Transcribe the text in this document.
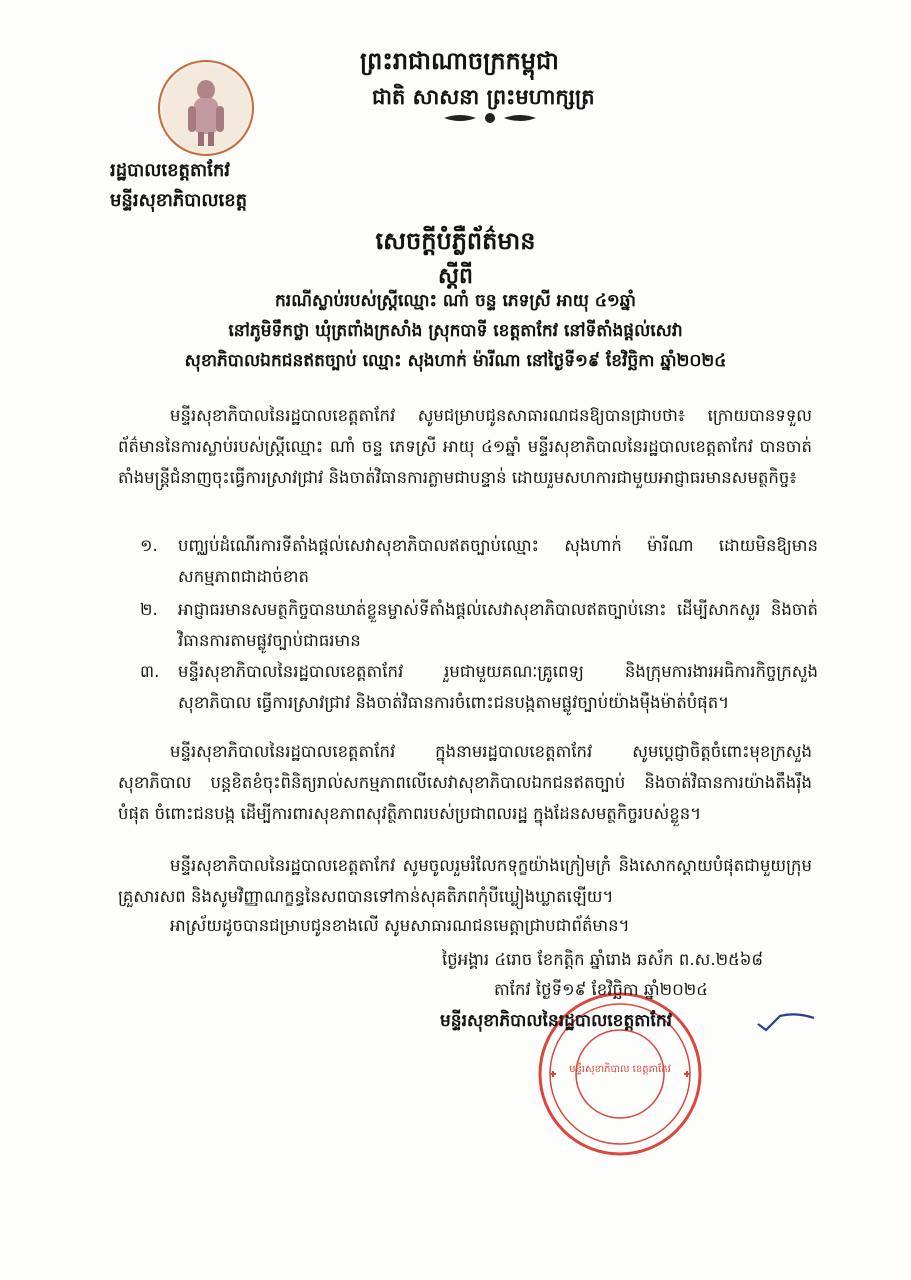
ព្រះរាជាណាចក្រកម្ពុជា
ជាតិ សាសនា ព្រះមហាក្សត្រ
រដ្ឋបាលខេត្តតាកែវ
មន្ទីរសុខាភិបាលខេត្ត
សេចក្តីបំភ្លឺព័ត៌មាន
ស្តីពី
ករណីស្លាប់របស់ស្ត្រីឈ្មោះ ណាំ ចន្ទ ភេទស្រី អាយុ ៤១ឆ្នាំ
នៅភូមិទឹកថ្លា ឃុំត្រពាំងក្រសាំង ស្រុកបាទី ខេត្តតាកែវ នៅទីតាំងផ្តល់សេវា
សុខាភិបាលឯកជនឥតច្បាប់ ឈ្មោះ សុងហាក់ ម៉ារីណា នៅថ្ងៃទី១៩ ខែវិច្ឆិកា ឆ្នាំ២០២៤
មន្ទីរសុខាភិបាលនៃរដ្ឋបាលខេត្តតាកែវ សូមជម្រាបជូនសាធារណជនឱ្យបានជ្រាបថា៖ ក្រោយបានទទួលព័ត៌មាននៃការស្លាប់របស់ស្ត្រីឈ្មោះ ណាំ ចន្ទ ភេទស្រី អាយុ ៤១ឆ្នាំ មន្ទីរសុខាភិបាលនៃរដ្ឋបាលខេត្តតាកែវ បានចាត់តាំងមន្ត្រីជំនាញចុះធ្វើការស្រាវជ្រាវ និងចាត់វិធានការភ្លាមជាបន្ទាន់ ដោយរួមសហការជាមួយអាជ្ញាធរមានសមត្ថកិច្ច៖
១. បញ្ឈប់ដំណើរការទីតាំងផ្តល់សេវាសុខាភិបាលឥតច្បាប់ឈ្មោះ សុងហាក់ ម៉ារីណា ដោយមិនឱ្យមានសកម្មភាពជាដាច់ខាត
២. អាជ្ញាធរមានសមត្ថកិច្ចបានឃាត់ខ្លួនម្ចាស់ទីតាំងផ្តល់សេវាសុខាភិបាលឥតច្បាប់នោះ ដើម្បីសាកសួរ និងចាត់វិធានការតាមផ្លូវច្បាប់ជាធរមាន
៣. មន្ទីរសុខាភិបាលនៃរដ្ឋបាលខេត្តតាកែវ រួមជាមួយគណៈគ្រូពេទ្យ និងក្រុមការងារអធិការកិច្ចក្រសួងសុខាភិបាល ធ្វើការស្រាវជ្រាវ និងចាត់វិធានការចំពោះជនបង្កតាមផ្លូវច្បាប់យ៉ាងម៉ឺងម៉ាត់បំផុត។
មន្ទីរសុខាភិបាលនៃរដ្ឋបាលខេត្តតាកែវ ក្នុងនាមរដ្ឋបាលខេត្តតាកែវ សូមប្តេជ្ញាចិត្តចំពោះមុខក្រសួងសុខាភិបាល បន្តខិតខំចុះពិនិត្យរាល់សកម្មភាពលើសេវាសុខាភិបាលឯកជនឥតច្បាប់ និងចាត់វិធានការយ៉ាងតឹងរ៉ឹងបំផុត ចំពោះជនបង្ក ដើម្បីការពារសុខភាពសុវត្ថិភាពរបស់ប្រជាពលរដ្ឋ ក្នុងដែនសមត្ថកិច្ចរបស់ខ្លួន។
មន្ទីរសុខាភិបាលនៃរដ្ឋបាលខេត្តតាកែវ សូមចូលរួមរំលែកទុក្ខយ៉ាងក្រៀមក្រំ និងសោកស្តាយបំផុតជាមួយក្រុមគ្រួសារសព និងសូមវិញ្ញាណក្ខន្ធនៃសពបានទៅកាន់សុគតិភពកុំបីឃ្លៀងឃ្លាតឡើយ។
អាស្រ័យដូចបានជម្រាបជូនខាងលើ សូមសាធារណជនមេត្តាជ្រាបជាព័ត៌មាន។
មន្ទីរសុខាភិបាល ខេត្តតាកែវ
ថ្ងៃអង្គារ ៤រោច ខែកត្តិក ឆ្នាំរោង ឆស័ក ព.ស.២៥៦៨
តាកែវ ថ្ងៃទី១៩ ខែវិច្ឆិកា ឆ្នាំ២០២៤
មន្ទីរសុខាភិបាលនៃរដ្ឋបាលខេត្តតាកែវ
